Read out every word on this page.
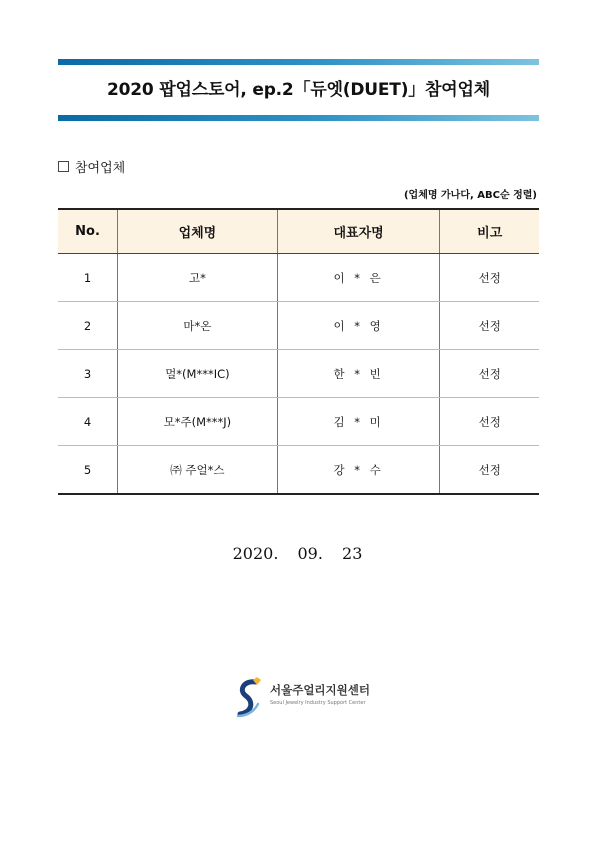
2020 팝업스토어, ep.2「듀엣(DUET)」참여업체
참여업체
(업체명 가나다, ABC순 정렬)
No.	업체명	대표자명	비고
1	고*	이 * 은	선정
2	마*온	이 * 영	선정
3	멀*(M***IC)	한 * 빈	선정
4	모*주(M***J)	김 * 미	선정
5	㈜ 주얼*스	강 * 수	선정
2020. 09. 23
서울주얼리지원센터
Seoul Jewelry Industry Support Center
